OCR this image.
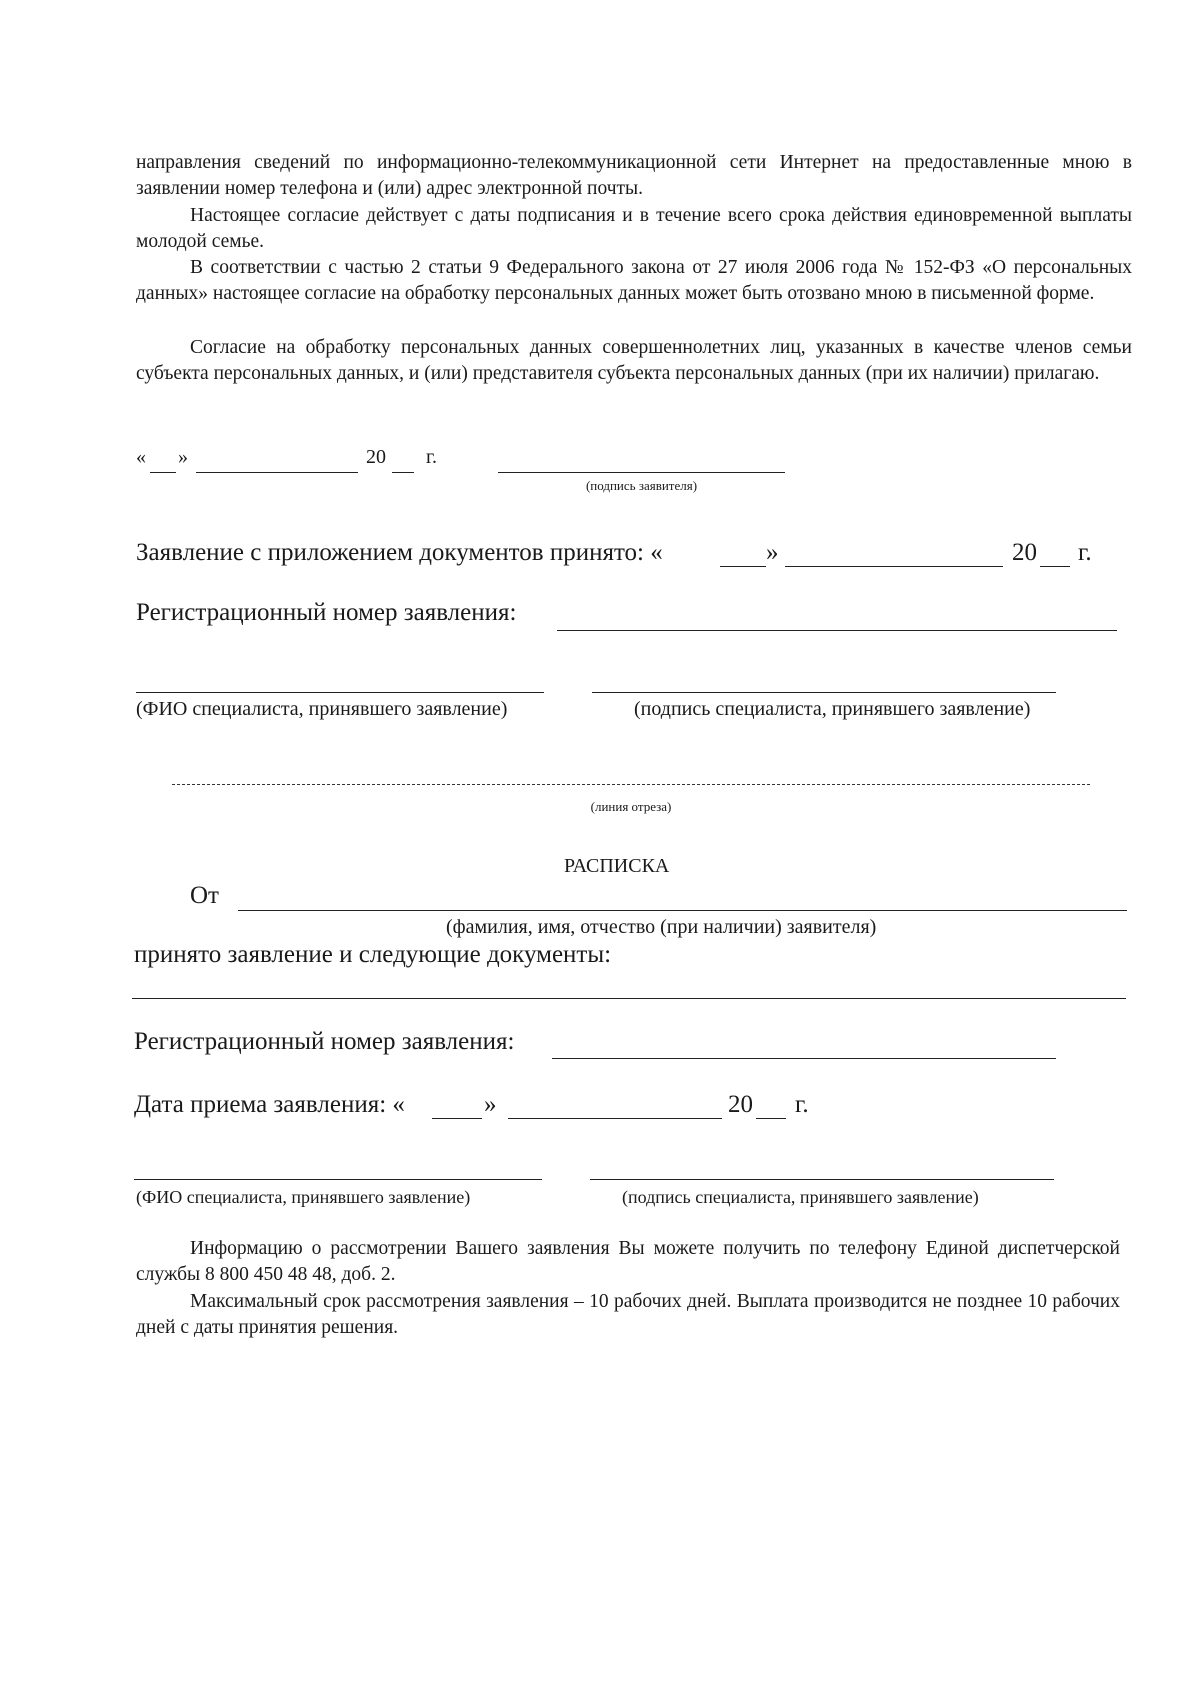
направления сведений по информационно-телекоммуникационной сети Интернет на предоставленные мною в заявлении номер телефона и (или) адрес электронной почты.
Настоящее согласие действует с даты подписания и в течение всего срока действия единовременной выплаты молодой семье.
В соответствии с частью 2 статьи 9 Федерального закона от 27 июля 2006 года № 152-ФЗ «О персональных данных» настоящее согласие на обработку персональных данных может быть отозвано мною в письменной форме.
Согласие на обработку персональных данных совершеннолетних лиц, указанных в качестве членов семьи субъекта персональных данных, и (или) представителя субъекта персональных данных (при их наличии) прилагаю.
« »	20 г.
(подпись заявителя)
Заявление с приложением документов принято: «	»	20 г.
Регистрационный номер заявления:
(ФИО специалиста, принявшего заявление)	(подпись специалиста, принявшего заявление)
(линия отреза)
РАСПИСКА
От
(фамилия, имя, отчество (при наличии) заявителя)
принято заявление и следующие документы:
Регистрационный номер заявления:
Дата приема заявления: «	»	20 г.
(ФИО специалиста, принявшего заявление)	(подпись специалиста, принявшего заявление)
Информацию о рассмотрении Вашего заявления Вы можете получить по телефону Единой диспетчерской службы 8 800 450 48 48, доб. 2.
Максимальный срок рассмотрения заявления – 10 рабочих дней. Выплата производится не позднее 10 рабочих дней с даты принятия решения.
